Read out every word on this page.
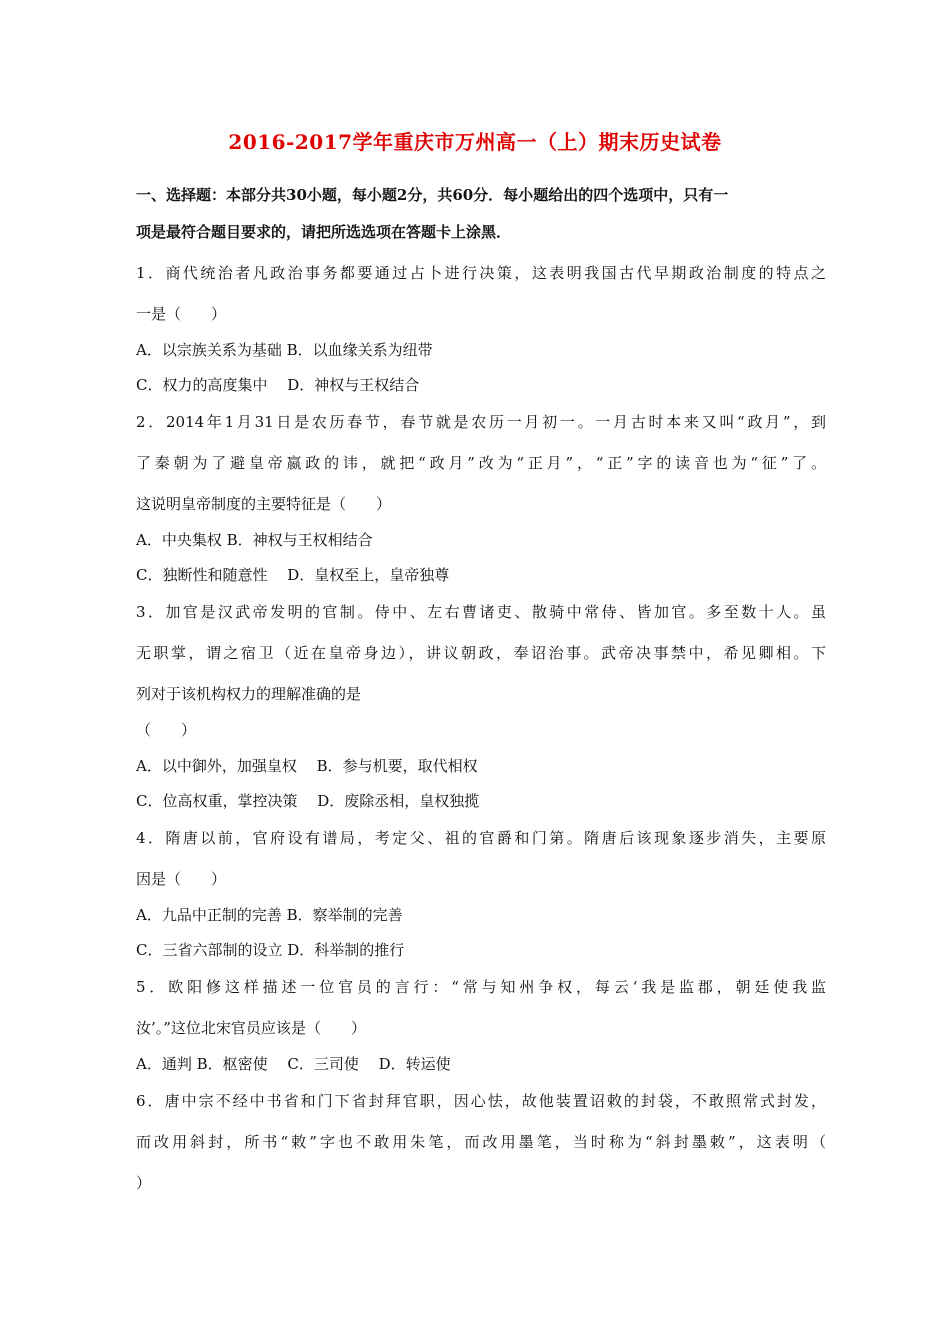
2016-2017学年重庆市万州高一（上）期末历史试卷
一、选择题：本部分共30小题，每小题2分，共60分．每小题给出的四个选项中，只有一
项是最符合题目要求的，请把所选选项在答题卡上涂黑．
1．商代统治者凡政治事务都要通过占卜进行决策，这表明我国古代早期政治制度的特点之
一是（　　）
A．以宗族关系为基础 B．以血缘关系为纽带
C．权力的高度集中　 D．神权与王权结合
2．2014年1月31日是农历春节，春节就是农历一月初一。一月古时本来又叫“政月”，到
了秦朝为了避皇帝嬴政的讳，就把“政月”改为“正月”，“正”字的读音也为“征”了。
这说明皇帝制度的主要特征是（　　）
A．中央集权 B．神权与王权相结合
C．独断性和随意性　 D．皇权至上，皇帝独尊
3．加官是汉武帝发明的官制。侍中、左右曹诸吏、散骑中常侍、皆加官。多至数十人。虽
无职掌，谓之宿卫（近在皇帝身边），讲议朝政，奉诏治事。武帝决事禁中，希见卿相。下
列对于该机构权力的理解准确的是
（　　）
A．以中御外，加强皇权　 B．参与机要，取代相权
C．位高权重，掌控决策　 D．废除丞相，皇权独揽
4．隋唐以前，官府设有谱局，考定父、祖的官爵和门第。隋唐后该现象逐步消失，主要原
因是（　　）
A．九品中正制的完善 B．察举制的完善
C．三省六部制的设立 D．科举制的推行
5．欧阳修这样描述一位官员的言行：“常与知州争权，每云‘我是监郡，朝廷使我监
汝’。”这位北宋官员应该是（　　）
A．通判 B．枢密使　 C．三司使　 D．转运使
6．唐中宗不经中书省和门下省封拜官职，因心怯，故他装置诏敕的封袋，不敢照常式封发，
而改用斜封，所书“敕”字也不敢用朱笔，而改用墨笔，当时称为“斜封墨敕”，这表明（
）
